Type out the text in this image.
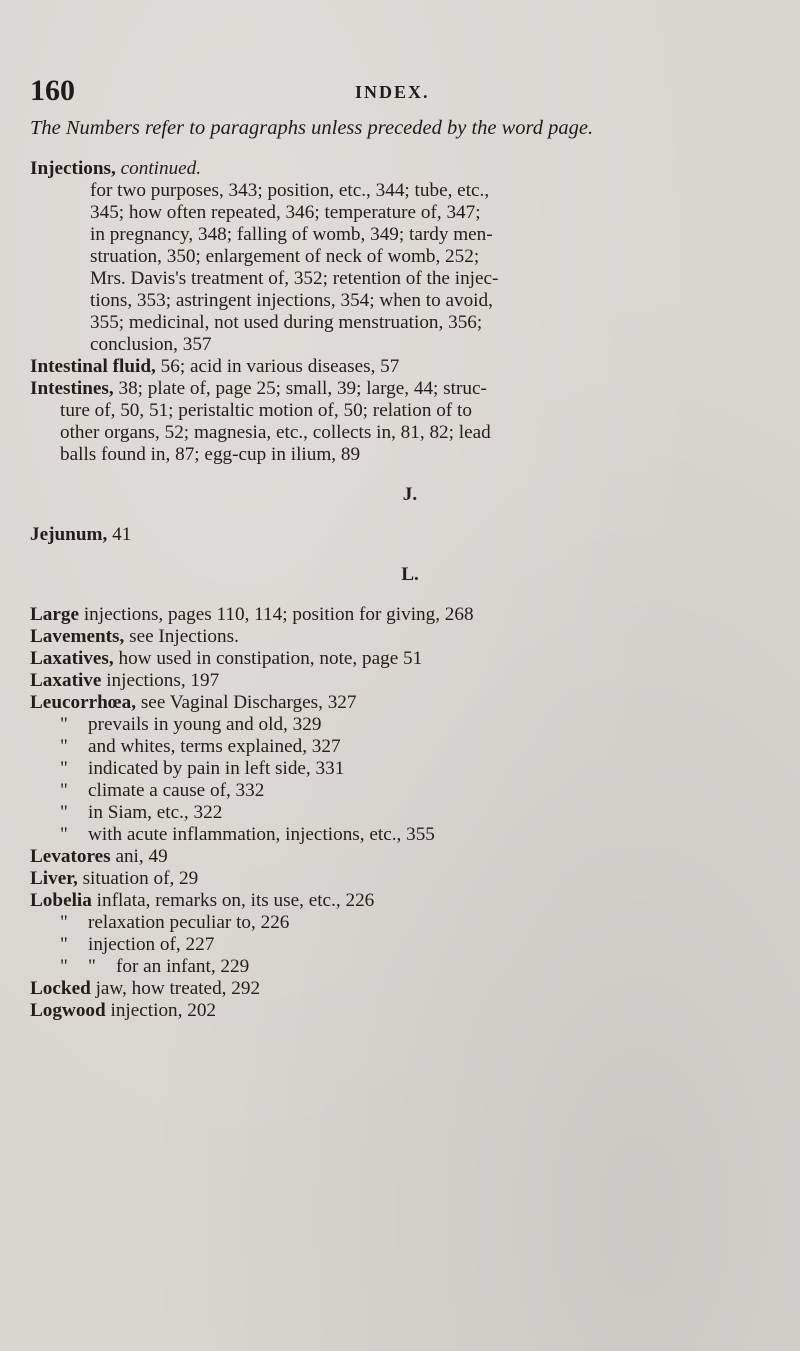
160	INDEX.
The Numbers refer to paragraphs unless preceded by the word page.
Injections, continued.
for two purposes, 343; position, etc., 344; tube, etc.,
345; how often repeated, 346; temperature of, 347;
in pregnancy, 348; falling of womb, 349; tardy men-
struation, 350; enlargement of neck of womb, 252;
Mrs. Davis's treatment of, 352; retention of the injec-
tions, 353; astringent injections, 354; when to avoid,
355; medicinal, not used during menstruation, 356;
conclusion, 357
Intestinal fluid, 56; acid in various diseases, 57
Intestines, 38; plate of, page 25; small, 39; large, 44; struc-
ture of, 50, 51; peristaltic motion of, 50; relation of to
other organs, 52; magnesia, etc., collects in, 81, 82; lead
balls found in, 87; egg-cup in ilium, 89
J.
Jejunum, 41
L.
Large injections, pages 110, 114; position for giving, 268
Lavements, see Injections.
Laxatives, how used in constipation, note, page 51
Laxative injections, 197
Leucorrhœa, see Vaginal Discharges, 327
" prevails in young and old, 329
" and whites, terms explained, 327
" indicated by pain in left side, 331
" climate a cause of, 332
" in Siam, etc., 322
" with acute inflammation, injections, etc., 355
Levatores ani, 49
Liver, situation of, 29
Lobelia inflata, remarks on, its use, etc., 226
" relaxation peculiar to, 226
" injection of, 227
" " for an infant, 229
Locked jaw, how treated, 292
Logwood injection, 202
